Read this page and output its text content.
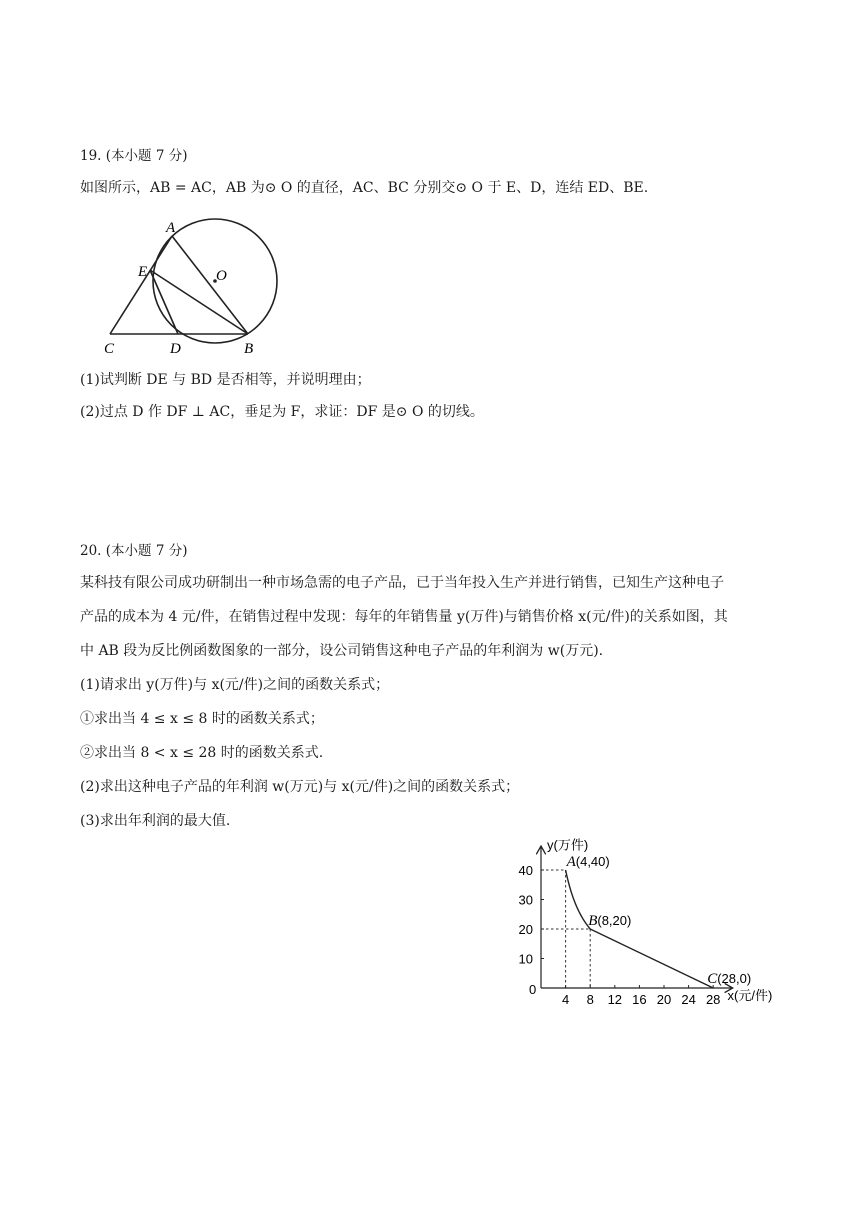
19. (本小题 7 分)
如图所示，AB = AC，AB 为⊙ O 的直径，AC、BC 分别交⊙ O 于 E、D，连结 ED、BE.
A
O
E
C	D	B
(1)试判断 DE 与 BD 是否相等，并说明理由；
(2)过点 D 作 DF ⊥ AC，垂足为 F，求证：DF 是⊙ O 的切线。
20. (本小题 7 分)
某科技有限公司成功研制出一种市场急需的电子产品，已于当年投入生产并进行销售，已知生产这种电子
产品的成本为 4 元/件，在销售过程中发现：每年的年销售量 y(万件)与销售价格 x(元/件)的关系如图，其
中 AB 段为反比例函数图象的一部分，设公司销售这种电子产品的年利润为 w(万元).
(1)请求出 y(万件)与 x(元/件)之间的函数关系式；
①求出当 4 ≤ x ≤ 8 时的函数关系式；
②求出当 8 < x ≤ 28 时的函数关系式.
(2)求出这种电子产品的年利润 w(万元)与 x(元/件)之间的函数关系式；
(3)求出年利润的最大值.
4 8 12 16 20 24 28
10
20
30
40
y(万件)
x(元/件)
0
A(4,40)
B(8,20)
C(28,0)
